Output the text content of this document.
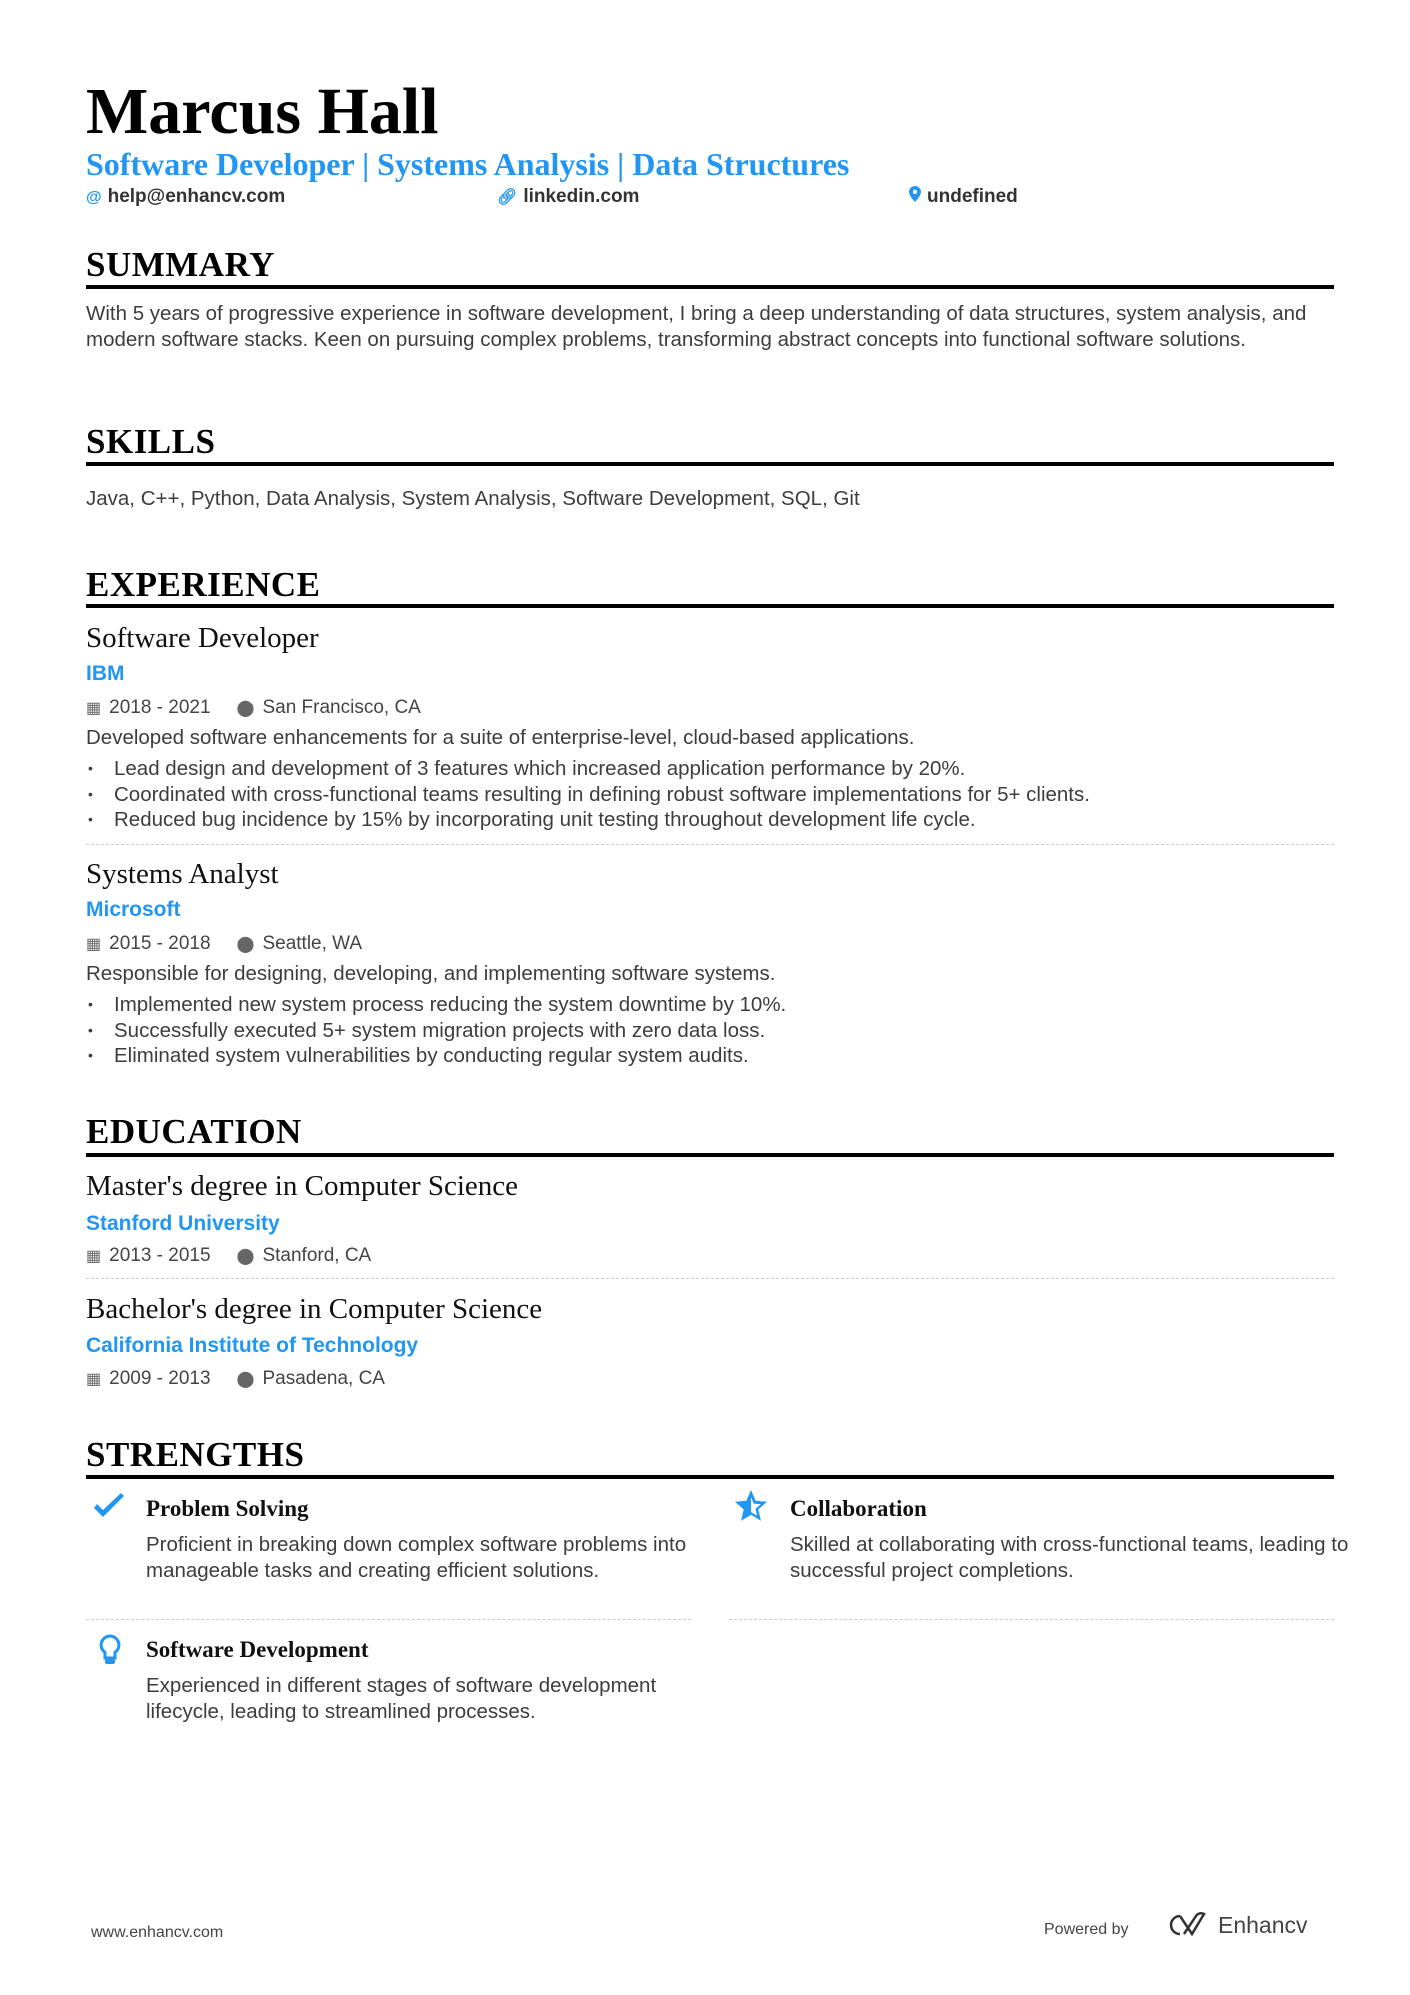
Marcus Hall
Software Developer | Systems Analysis | Data Structures
@ help@enhancv.com	🔗︎ linkedin.com	undefined
SUMMARY
With 5 years of progressive experience in software development, I bring a deep understanding of data structures, system analysis, and modern software stacks. Keen on pursuing complex problems, transforming abstract concepts into functional software solutions.
SKILLS
Java, C++, Python, Data Analysis, System Analysis, Software Development, SQL, Git
EXPERIENCE
Software Developer
IBM
▦ 2018 - 2021 ⬤ San Francisco, CA
Developed software enhancements for a suite of enterprise-level, cloud-based applications.
• Lead design and development of 3 features which increased application performance by 20%.
• Coordinated with cross-functional teams resulting in defining robust software implementations for 5+ clients.
• Reduced bug incidence by 15% by incorporating unit testing throughout development life cycle.
Systems Analyst
Microsoft
▦ 2015 - 2018 ⬤ Seattle, WA
Responsible for designing, developing, and implementing software systems.
• Implemented new system process reducing the system downtime by 10%.
• Successfully executed 5+ system migration projects with zero data loss.
• Eliminated system vulnerabilities by conducting regular system audits.
EDUCATION
Master's degree in Computer Science
Stanford University
▦ 2013 - 2015 ⬤ Stanford, CA
Bachelor's degree in Computer Science
California Institute of Technology
▦ 2009 - 2013 ⬤ Pasadena, CA
STRENGTHS
Problem Solving
Proficient in breaking down complex software problems into manageable tasks and creating efficient solutions.
Collaboration
Skilled at collaborating with cross-functional teams, leading to successful project completions.
Software Development
Experienced in different stages of software development lifecycle, leading to streamlined processes.
www.enhancv.com	Powered by	Enhancv
